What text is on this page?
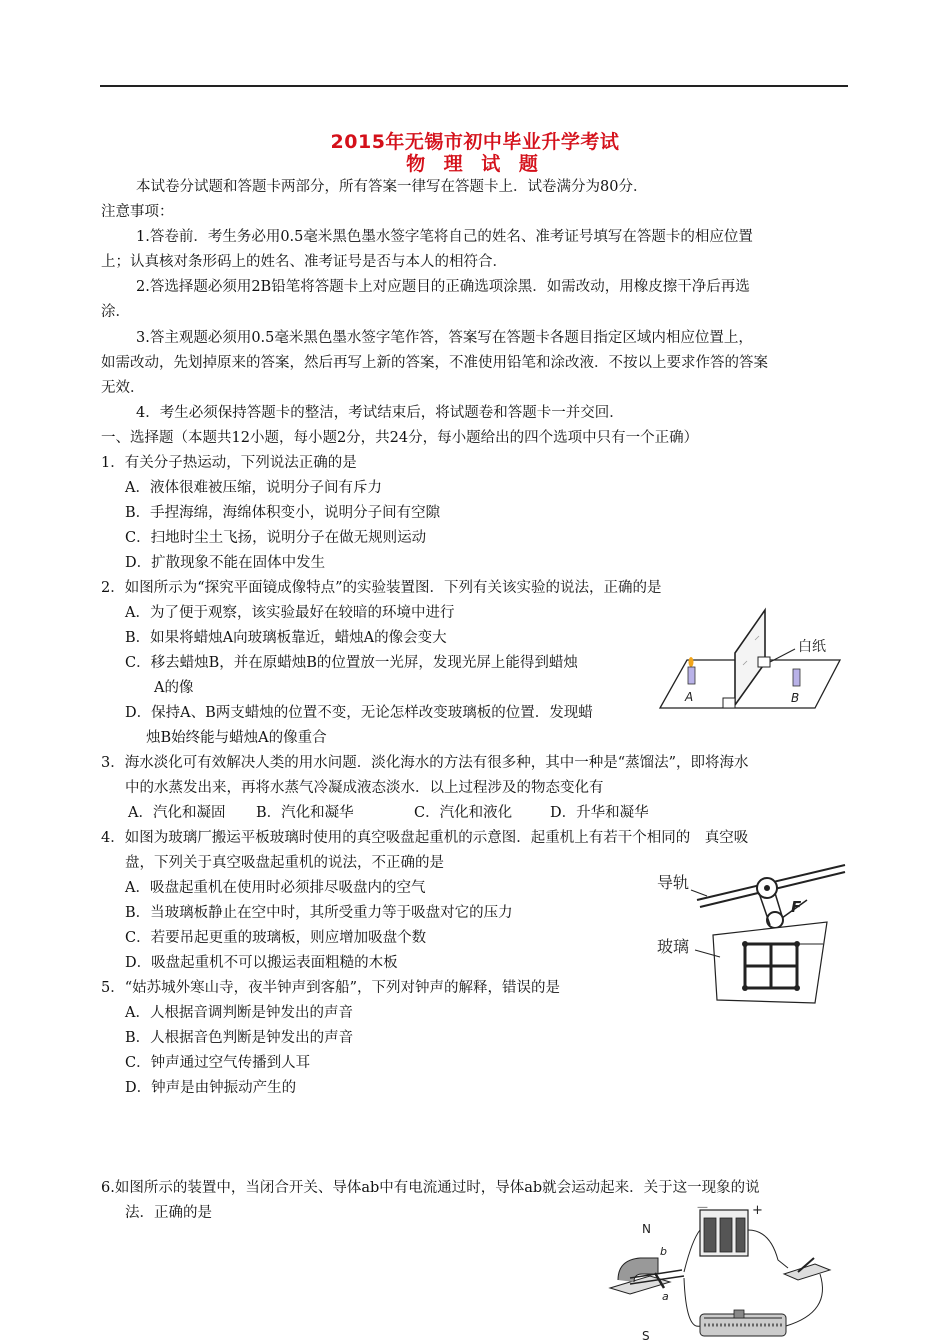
2015年无锡市初中毕业升学考试
物 理 试 题
本试卷分试题和答题卡两部分，所有答案一律写在答题卡上．试卷满分为80分．
注意事项：
1.答卷前．考生务必用0.5毫米黑色墨水签字笔将自己的姓名、准考证号填写在答题卡的相应位置
上；认真核对条形码上的姓名、准考证号是否与本人的相符合．
2.答选择题必须用2B铅笔将答题卡上对应题目的正确选项涂黑．如需改动，用橡皮擦干净后再选
涂．
3.答主观题必须用0.5毫米黑色墨水签字笔作答，答案写在答题卡各题目指定区域内相应位置上，
如需改动，先划掉原来的答案，然后再写上新的答案，不准使用铅笔和涂改液．不按以上要求作答的答案
无效．
4．考生必须保持答题卡的整洁，考试结束后，将试题卷和答题卡一并交回．
一、选择题（本题共12小题，每小题2分，共24分，每小题给出的四个选项中只有一个正确）
1．有关分子热运动，下列说法正确的是
A．液体很难被压缩，说明分子间有斥力
B．手捏海绵，海绵体积变小，说明分子间有空隙
C．扫地时尘土飞扬，说明分子在做无规则运动
D．扩散现象不能在固体中发生
2．如图所示为“探究平面镜成像特点”的实验装置图．下列有关该实验的说法，正确的是
A．为了便于观察，该实验最好在较暗的环境中进行
B．如果将蜡烛A向玻璃板靠近，蜡烛A的像会变大
C．移去蜡烛B，并在原蜡烛B的位置放一光屏，发现光屏上能得到蜡烛
A的像
D．保持A、B两支蜡烛的位置不变，无论怎样改变玻璃板的位置．发现蜡
烛B始终能与蜡烛A的像重合
白纸
A	B
3．海水淡化可有效解决人类的用水问题．淡化海水的方法有很多种，其中一种是“蒸馏法”，即将海水
中的水蒸发出来，再将水蒸气冷凝成液态淡水．以上过程涉及的物态变化有
A．汽化和凝固 B．汽化和凝华	C．汽化和液化	D．升华和凝华
4．如图为玻璃厂搬运平板玻璃时使用的真空吸盘起重机的示意图．起重机上有若干个相同的　真空吸
盘，下列关于真空吸盘起重机的说法，不正确的是
A．吸盘起重机在使用时必须排尽吸盘内的空气
B．当玻璃板静止在空中时，其所受重力等于吸盘对它的压力
C．若要吊起更重的玻璃板，则应增加吸盘个数
D．吸盘起重机不可以搬运表面粗糙的木板
导轨
F
玻璃
5．“姑苏城外寒山寺，夜半钟声到客船”，下列对钟声的解释，错误的是
A．人根据音调判断是钟发出的声音
B．人根据音色判断是钟发出的声音
C．钟声通过空气传播到人耳
D．钟声是由钟振动产生的
6.如图所示的装置中，当闭合开关、导体ab中有电流通过时，导体ab就会运动起来．关于这一现象的说
法．正确的是
N
S
b
a
－	+
